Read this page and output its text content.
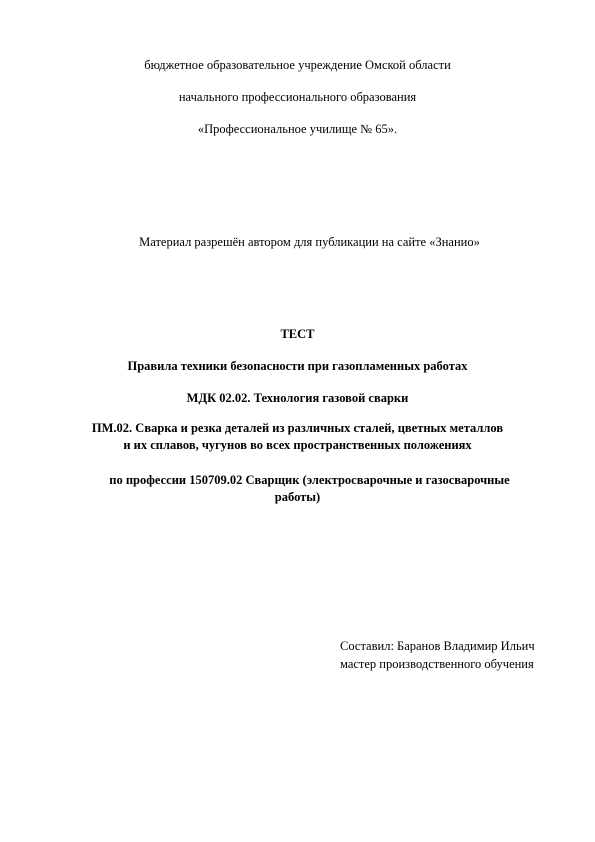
бюджетное образовательное учреждение Омской области
начального профессионального образования
«Профессиональное училище № 65».
Материал разрешён автором для публикации на сайте «Знанио»
ТЕСТ
Правила техники безопасности при газопламенных работах
МДК 02.02. Технология газовой сварки
ПМ.02. Сварка и резка деталей из различных сталей, цветных металлов
и их сплавов, чугунов во всех пространственных положениях
по профессии 150709.02 Сварщик (электросварочные и газосварочные
работы)
Составил: Баранов Владимир Ильич
мастер производственного обучения
